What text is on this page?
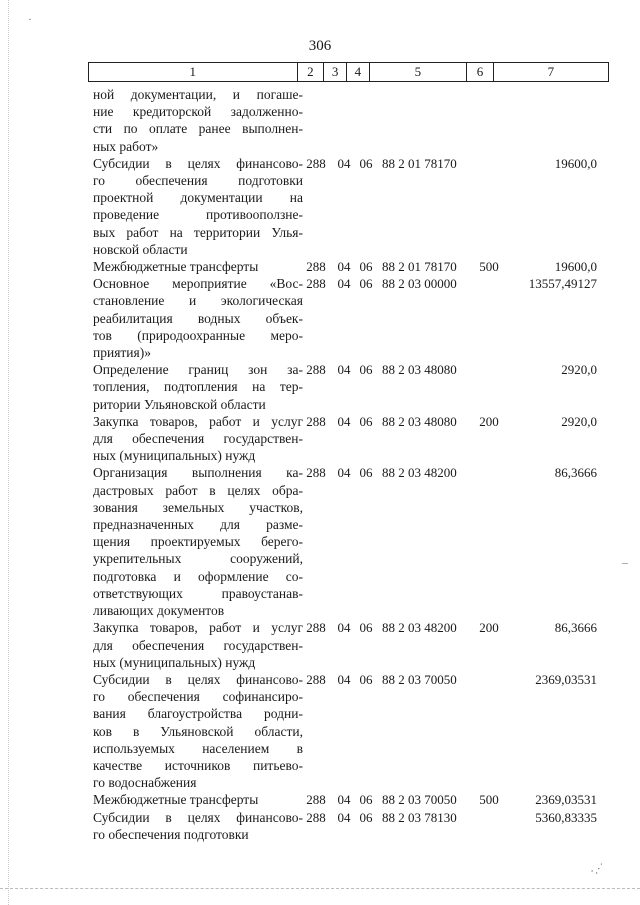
306
1	2	3	4	5	6	7
ной документации, и погаше-
ние кредиторской задолженно-
сти по оплате ранее выполнен-
ных работ»
Субсидии в целях финансово-
го обеспечения подготовки
проектной документации на
проведение противооползне-
вых работ на территории Улья-
новской области
288 04 06 88 2 01 78170	19600,0
Межбюджетные трансферты	288 04 06 88 2 01 78170	500	19600,0
Основное мероприятие «Вос-
становление и экологическая
реабилитация водных объек-
тов (природоохранные меро-
приятия)»
288 04 06 88 2 03 00000	13557,49127
Определение границ зон за-
топления, подтопления на тер-
ритории Ульяновской области
288 04 06 88 2 03 48080	2920,0
Закупка товаров, работ и услуг
для обеспечения государствен-
ных (муниципальных) нужд
288 04 06 88 2 03 48080	200	2920,0
Организация выполнения ка-
дастровых работ в целях обра-
зования земельных участков,
предназначенных для разме-
щения проектируемых берего-
укрепительных сооружений,
подготовка и оформление со-
ответствующих правоустанав-
ливающих документов
288 04 06 88 2 03 48200	86,3666
Закупка товаров, работ и услуг
для обеспечения государствен-
ных (муниципальных) нужд
288 04 06 88 2 03 48200	200	86,3666
Субсидии в целях финансово-
го обеспечения софинансиро-
вания благоустройства родни-
ков в Ульяновской области,
используемых населением в
качестве источников питьево-
го водоснабжения
288 04 06 88 2 03 70050	2369,03531
Межбюджетные трансферты	288 04 06 88 2 03 70050	500	2369,03531
Субсидии в целях финансово-
го обеспечения подготовки
288 04 06 88 2 03 78130	5360,83335
·
–
·.·˙
